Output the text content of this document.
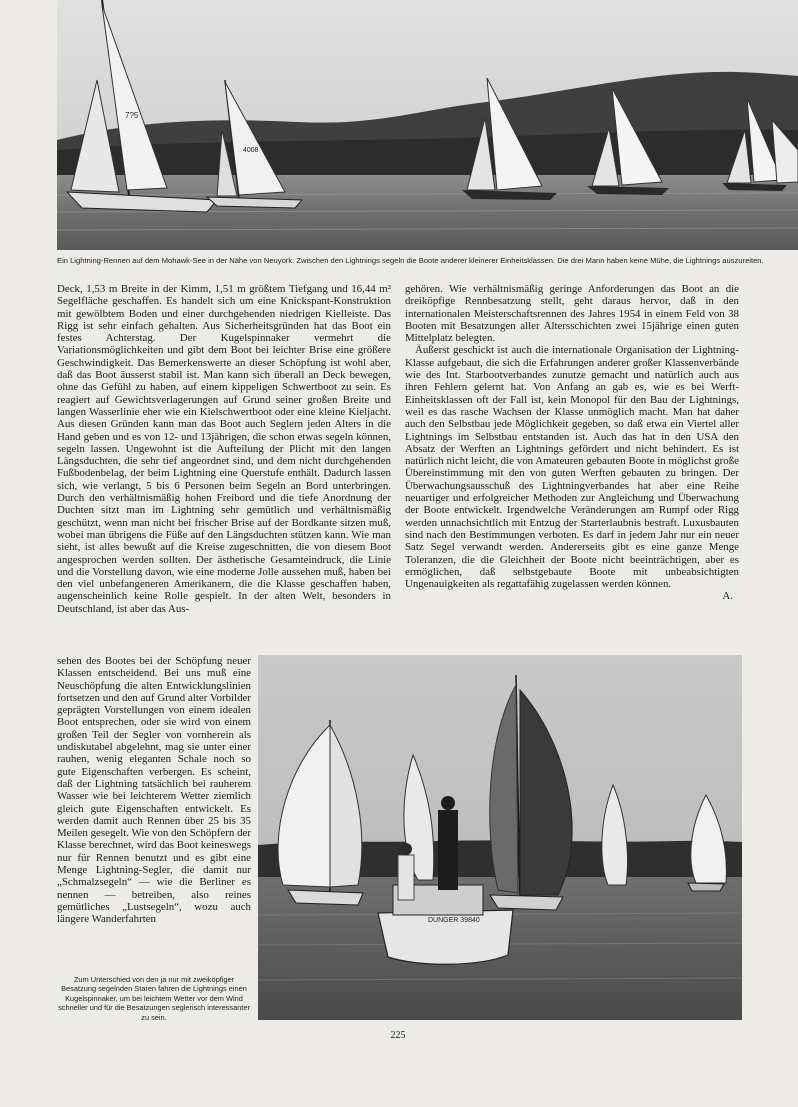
7?5
4008
Ein Lightning-Rennen auf dem Mohawk-See in der Nähe von Neuyork. Zwischen den Lightnings segeln die Boote anderer kleinerer Einheitsklassen. Die drei Mann haben keine Mühe, die Lightnings auszureiten.

Deck, 1,53 m Breite in der Kimm, 1,51 m größtem Tiefgang und 16,44 m² Segelfläche geschaffen. Es handelt sich um eine Knickspant-Konstruktion mit gewölbtem Boden und einer durchgehenden niedrigen Kielleiste. Das Rigg ist sehr einfach gehalten. Aus Sicherheitsgründen hat das Boot ein festes Achterstag. Der Kugelspinnaker vermehrt die Variationsmöglichkeiten und gibt dem Boot bei leichter Brise eine größere Geschwindigkeit. Das Bemerkenswerte an dieser Schöpfung ist wohl aber, daß das Boot äusserst stabil ist. Man kann sich überall an Deck bewegen, ohne das Gefühl zu haben, auf einem kippeligen Schwertboot zu sein. Es reagiert auf Gewichtsverlagerungen auf Grund seiner großen Breite und langen Wasserlinie eher wie ein Kielschwertboot oder eine kleine Kieljacht. Aus diesen Gründen kann man das Boot auch Seglern jeden Alters in die Hand geben und es von 12- und 13jährigen, die schon etwas segeln können, segeln lassen. Ungewohnt ist die Aufteilung der Plicht mit den langen Längsduchten, die sehr tief angeordnet sind, und dem nicht durchgehenden Fußbodenbelag, der beim Lightning eine Querstufe enthält. Dadurch lassen sich, wie verlangt, 5 bis 6 Personen beim Segeln an Bord unterbringen. Durch den verhältnismäßig hohen Freibord und die tiefe Anordnung der Duchten sitzt man im Lightning sehr gemütlich und verhältnismäßig geschützt, wenn man nicht bei frischer Brise auf der Bordkante sitzen muß, wobei man übrigens die Füße auf den Längsduchten stützen kann. Wie man sieht, ist alles bewußt auf die Kreise zugeschnitten, die von diesem Boot angesprochen werden sollten. Der ästhetische Gesamteindruck, die Linie und die Vorstellung davon, wie eine moderne Jolle aussehen muß, haben bei den viel unbefangeneren Amerikanern, die die Klasse geschaffen haben, augenscheinlich keine Rolle gespielt. In der alten Welt, besonders in Deutschland, ist aber das Aus-

sehen des Bootes bei der Schöpfung neuer Klassen entscheidend. Bei uns muß eine Neuschöpfung die alten Entwicklungslinien fortsetzen und den auf Grund alter Vorbilder geprägten Vorstellungen von einem idealen Boot entsprechen, oder sie wird von einem großen Teil der Segler von vornherein als undiskutabel abgelehnt, mag sie unter einer rauhen, wenig eleganten Schale noch so gute Eigenschaften verbergen. Es scheint, daß der Lightning tatsächlich bei rauherem Wasser wie bei leichterem Wetter ziemlich gleich gute Eigenschaften entwickelt. Es werden damit auch Rennen über 25 bis 35 Meilen gesegelt. Wie von den Schöpfern der Klasse berechnet, wird das Boot keineswegs nur für Rennen benutzt und es gibt eine Menge Lightning-Segler, die damit nur „Schmalzsegeln“ — wie die Berliner es nennen — betreiben, also reines gemütliches „Lustsegeln“, wozu auch längere Wanderfahrten

gehören. Wie verhältnismäßig geringe Anforderungen das Boot an die dreiköpfige Rennbesatzung stellt, geht daraus hervor, daß in den internationalen Meisterschaftsrennen des Jahres 1954 in einem Feld von 38 Booten mit Besatzungen aller Altersschichten zwei 15jährige einen guten Mittelplatz belegten.

Äußerst geschickt ist auch die internationale Organisation der Lightning-Klasse aufgebaut, die sich die Erfahrungen anderer großer Klassenverbände wie des Int. Starbootverbandes zunutze gemacht und natürlich auch aus ihren Fehlern gelernt hat. Von Anfang an gab es, wie es bei Werft-Einheitsklassen oft der Fall ist, kein Monopol für den Bau der Lightnings, weil es das rasche Wachsen der Klasse unmöglich macht. Man hat daher auch den Selbstbau jede Möglichkeit gegeben, so daß etwa ein Viertel aller Lightnings im Selbstbau entstanden ist. Auch das hat in den USA den Absatz der Werften an Lightnings gefördert und nicht behindert. Es ist natürlich nicht leicht, die von Amateuren gebauten Boote in möglichst große Übereinstimmung mit den von guten Werften gebauten zu bringen. Der Überwachungsausschuß des Lightningverbandes hat aber eine Reihe neuartiger und erfolgreicher Methoden zur Angleichung und Überwachung der Boote entwickelt. Irgendwelche Veränderungen am Rumpf oder Rigg werden unnachsichtlich mit Entzug der Starterlaubnis bestraft. Luxusbauten sind nach den Bestimmungen verboten. Es darf in jedem Jahr nur ein neuer Satz Segel verwandt werden. Andererseits gibt es eine ganze Menge Toleranzen, die die Gleichheit der Boote nicht beeinträchtigen, aber es ermöglichen, daß selbstgebaute Boote mit unbeabsichtigten Ungenauigkeiten als regattafähig zugelassen werden können.

A.
DUNGER 39840
Zum Unterschied von den ja nur mit zweiköpfiger Besatzung segelnden Staren fahren die Lightnings einen Kugelspinnaker, um bei leichtem Wetter vor dem Wind schneller und für die Besatzungen seglerisch interessanter zu sein.
225
